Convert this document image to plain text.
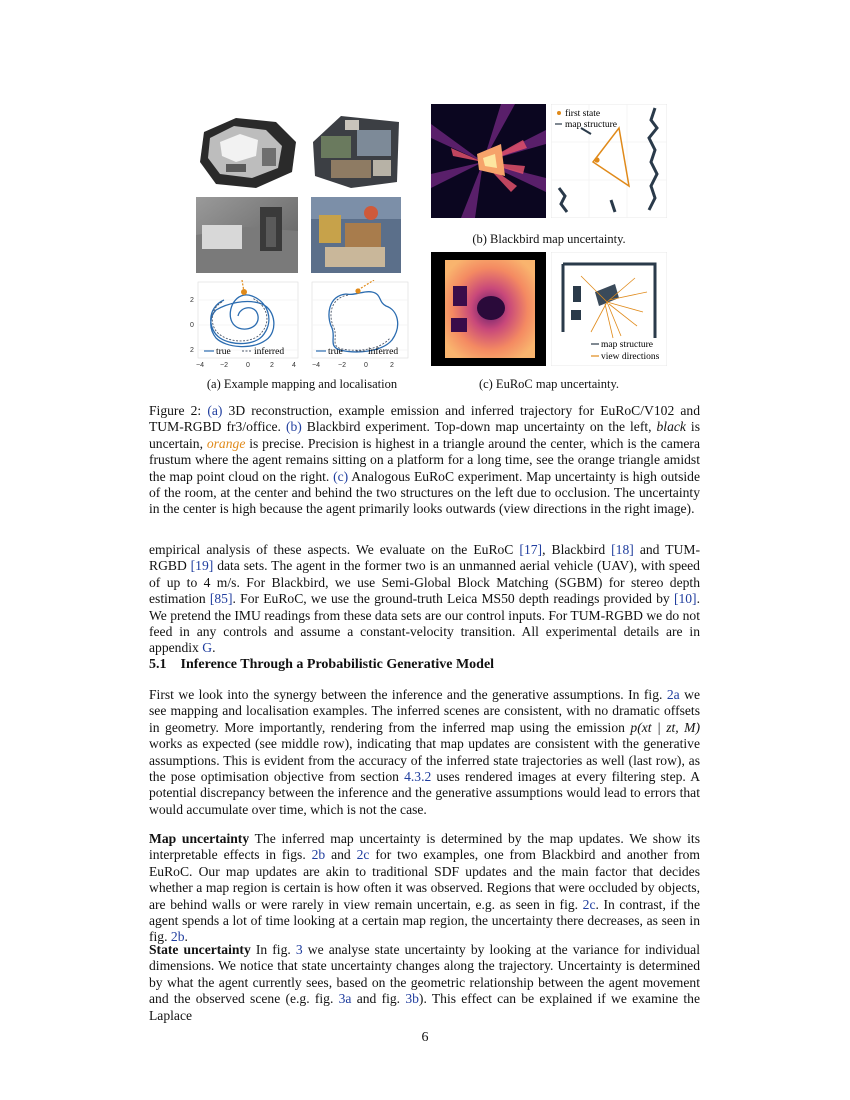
2
0
2
−4 −2	0	2	4
true inferred
−4	−2	0	2
true	inferred
(a) Example mapping and localisation
first state
map structure
(b) Blackbird map uncertainty.
map structure
view directions
(c) EuRoC map uncertainty.

Figure 2: (a) 3D reconstruction, example emission and inferred trajectory for EuRoC/V102 and TUM-RGBD fr3/office. (b) Blackbird experiment. Top-down map uncertainty on the left, black is uncertain, orange is precise. Precision is highest in a triangle around the center, which is the camera frustum where the agent remains sitting on a platform for a long time, see the orange triangle amidst the map point cloud on the right. (c) Analogous EuRoC experiment. Map uncertainty is high outside of the room, at the center and behind the two structures on the left due to occlusion. The uncertainty in the center is high because the agent primarily looks outwards (view directions in the right image).

empirical analysis of these aspects. We evaluate on the EuRoC [17], Blackbird [18] and TUM-RGBD [19] data sets. The agent in the former two is an unmanned aerial vehicle (UAV), with speed of up to 4 m/s. For Blackbird, we use Semi-Global Block Matching (SGBM) for stereo depth estimation [85]. For EuRoC, we use the ground-truth Leica MS50 depth readings provided by [10]. We pretend the IMU readings from these data sets are our control inputs. For TUM-RGBD we do not feed in any controls and assume a constant-velocity transition. All experimental details are in appendix G.

5.1 Inference Through a Probabilistic Generative Model

First we look into the synergy between the inference and the generative assumptions. In fig. 2a we see mapping and localisation examples. The inferred scenes are consistent, with no dramatic offsets in geometry. More importantly, rendering from the inferred map using the emission p(xt | zt, M) works as expected (see middle row), indicating that map updates are consistent with the generative assumptions. This is evident from the accuracy of the inferred state trajectories as well (last row), as the pose optimisation objective from section 4.3.2 uses rendered images at every filtering step. A potential discrepancy between the inference and the generative assumptions would lead to errors that would accumulate over time, which is not the case.

Map uncertainty The inferred map uncertainty is determined by the map updates. We show its interpretable effects in figs. 2b and 2c for two examples, one from Blackbird and another from EuRoC. Our map updates are akin to traditional SDF updates and the main factor that decides whether a map region is certain is how often it was observed. Regions that were occluded by objects, are behind walls or were rarely in view remain uncertain, e.g. as seen in fig. 2c. In contrast, if the agent spends a lot of time looking at a certain map region, the uncertainty there decreases, as seen in fig. 2b.

State uncertainty In fig. 3 we analyse state uncertainty by looking at the variance for individual dimensions. We notice that state uncertainty changes along the trajectory. Uncertainty is determined by what the agent currently sees, based on the geometric relationship between the agent movement and the observed scene (e.g. fig. 3a and fig. 3b). This effect can be explained if we examine the Laplace

6
